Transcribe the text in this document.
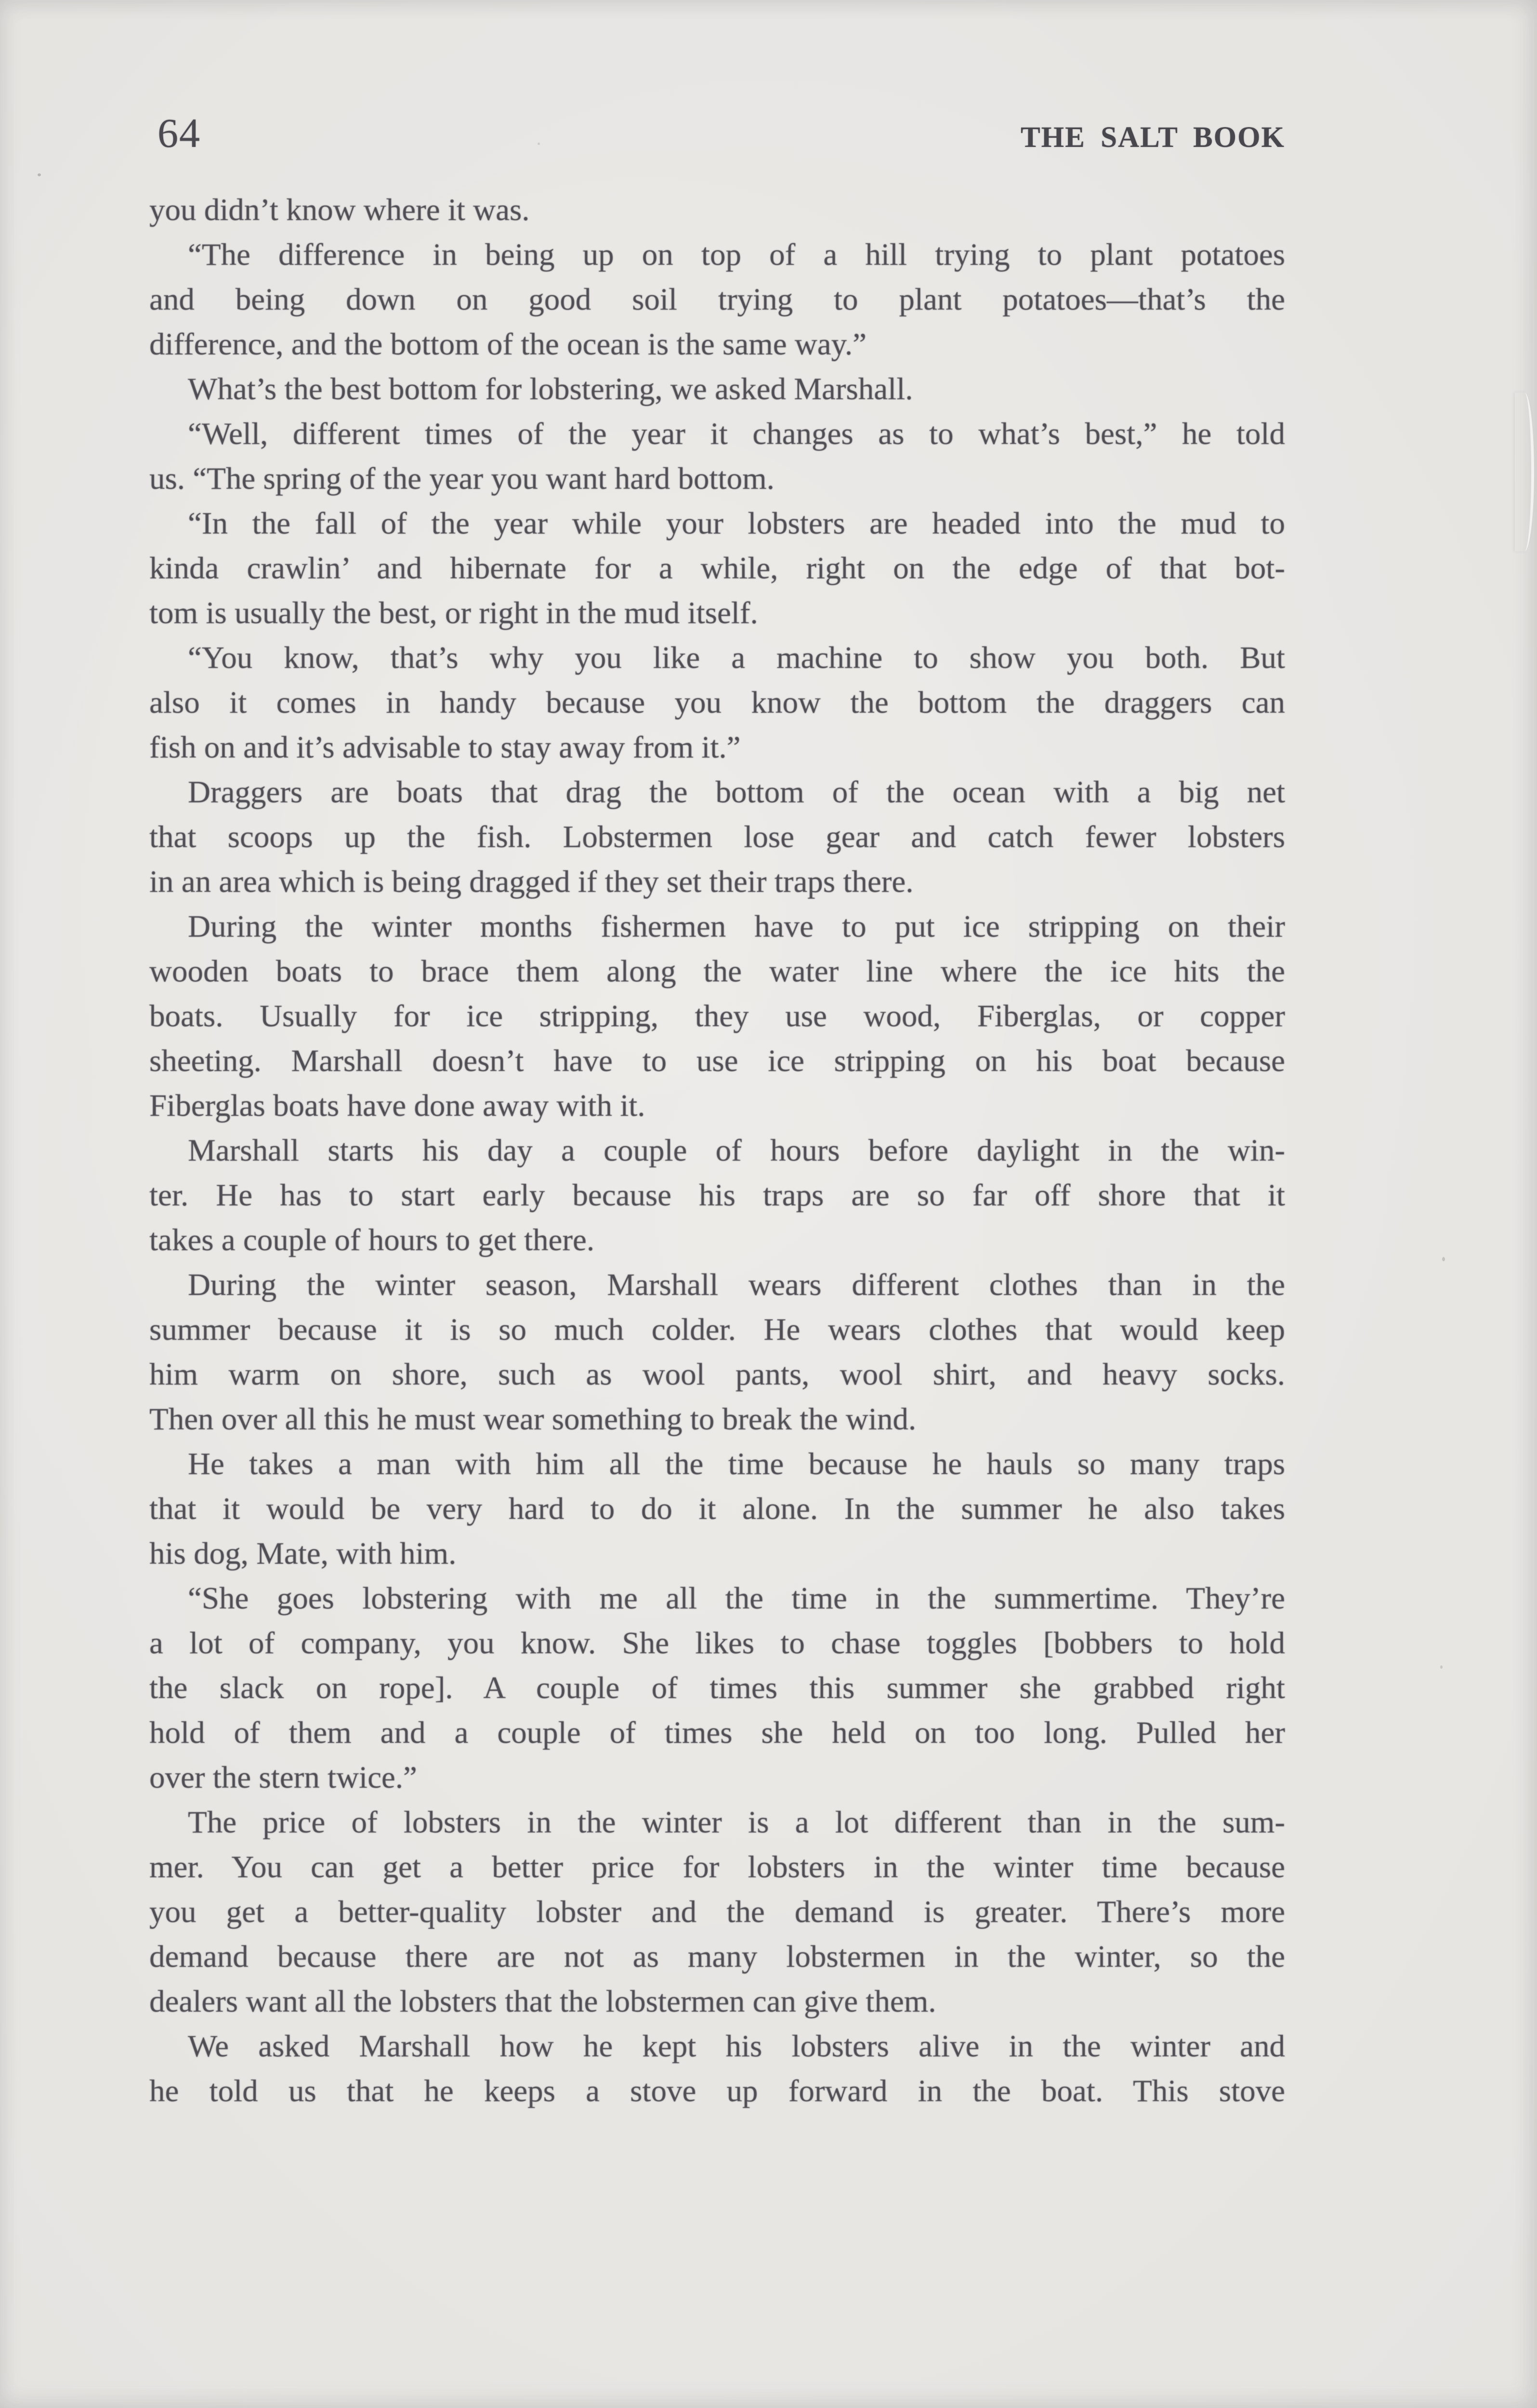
64	THE SALT BOOK
you didn’t know where it was.
“The difference in being up on top of a hill trying to plant potatoes
and being down on good soil trying to plant potatoes—that’s the
difference, and the bottom of the ocean is the same way.”
What’s the best bottom for lobstering, we asked Marshall.
“Well, different times of the year it changes as to what’s best,” he told
us. “The spring of the year you want hard bottom.
“In the fall of the year while your lobsters are headed into the mud to
kinda crawlin’ and hibernate for a while, right on the edge of that bot-
tom is usually the best, or right in the mud itself.
“You know, that’s why you like a machine to show you both. But
also it comes in handy because you know the bottom the draggers can
fish on and it’s advisable to stay away from it.”
Draggers are boats that drag the bottom of the ocean with a big net
that scoops up the fish. Lobstermen lose gear and catch fewer lobsters
in an area which is being dragged if they set their traps there.
During the winter months fishermen have to put ice stripping on their
wooden boats to brace them along the water line where the ice hits the
boats. Usually for ice stripping, they use wood, Fiberglas, or copper
sheeting. Marshall doesn’t have to use ice stripping on his boat because
Fiberglas boats have done away with it.
Marshall starts his day a couple of hours before daylight in the win-
ter. He has to start early because his traps are so far off shore that it
takes a couple of hours to get there.
During the winter season, Marshall wears different clothes than in the
summer because it is so much colder. He wears clothes that would keep
him warm on shore, such as wool pants, wool shirt, and heavy socks.
Then over all this he must wear something to break the wind.
He takes a man with him all the time because he hauls so many traps
that it would be very hard to do it alone. In the summer he also takes
his dog, Mate, with him.
“She goes lobstering with me all the time in the summertime. They’re
a lot of company, you know. She likes to chase toggles [bobbers to hold
the slack on rope]. A couple of times this summer she grabbed right
hold of them and a couple of times she held on too long. Pulled her
over the stern twice.”
The price of lobsters in the winter is a lot different than in the sum-
mer. You can get a better price for lobsters in the winter time because
you get a better-quality lobster and the demand is greater. There’s more
demand because there are not as many lobstermen in the winter, so the
dealers want all the lobsters that the lobstermen can give them.
We asked Marshall how he kept his lobsters alive in the winter and
he told us that he keeps a stove up forward in the boat. This stove
